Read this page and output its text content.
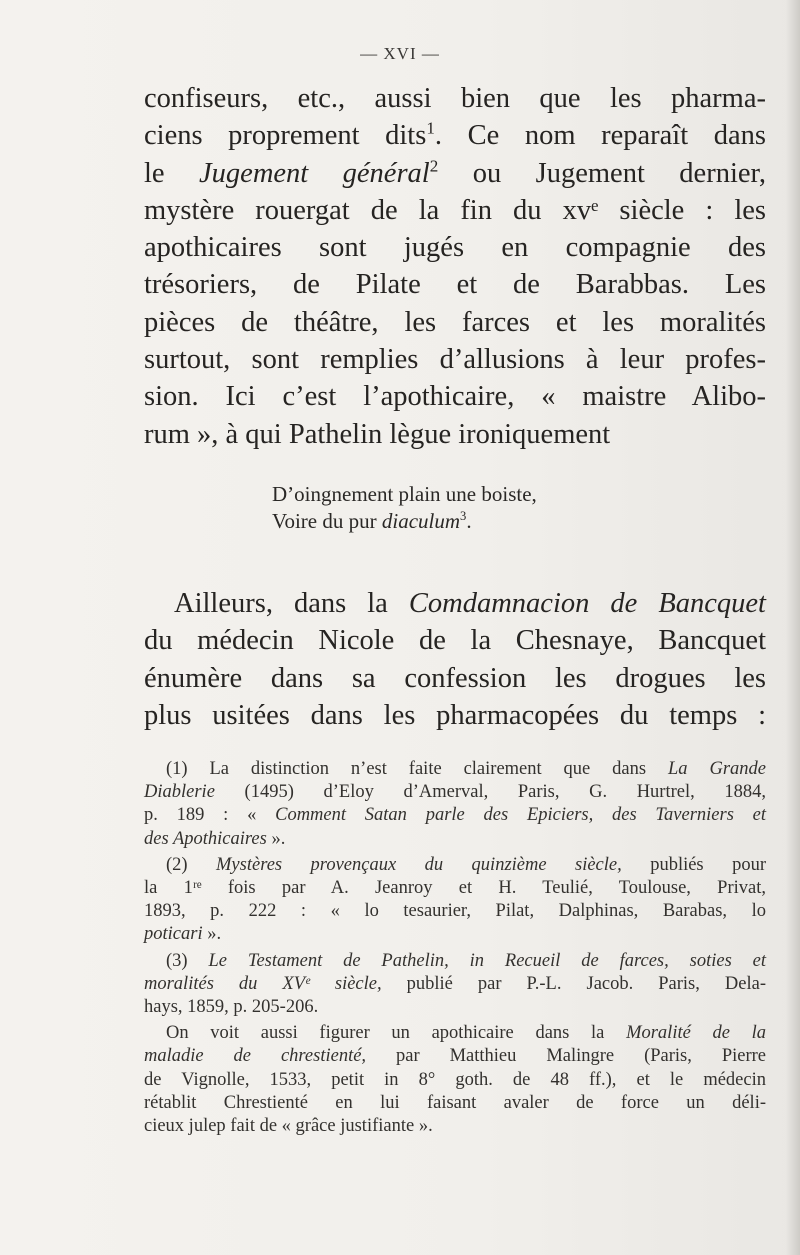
— XVI —
confiseurs, etc., aussi bien que les pharma-
ciens proprement dits$^1$. Ce nom reparaît dans
le Jugement général$^2$ ou Jugement dernier,
mystère rouergat de la fin du xvᵉ siècle : les
apothicaires sont jugés en compagnie des
trésoriers, de Pilate et de Barabbas. Les
pièces de théâtre, les farces et les moralités
surtout, sont remplies d’allusions à leur profes-
sion. Ici c’est l’apothicaire, « maistre Alibo-
rum », à qui Pathelin lègue ironiquement
D’oingnement plain une boiste,
Voire du pur diaculum$^3$.
Ailleurs, dans la Comdamnacion de Bancquet
du médecin Nicole de la Chesnaye, Bancquet
énumère dans sa confession les drogues les
plus usitées dans les pharmacopées du temps :
(1) La distinction n’est faite clairement que dans La Grande
Diablerie (1495) d’Eloy d’Amerval, Paris, G. Hurtrel, 1884,
p. 189 : « Comment Satan parle des Epiciers, des Taverniers et
des Apothicaires ».
(2) Mystères provençaux du quinzième siècle, publiés pour
la 1ʳᵉ fois par A. Jeanroy et H. Teulié, Toulouse, Privat,
1893, p. 222 : « lo tesaurier, Pilat, Dalphinas, Barabas, lo
poticari ».
(3) Le Testament de Pathelin, in Recueil de farces, soties et
moralités du XVᵉ siècle, publié par P.-L. Jacob. Paris, Dela-
hays, 1859, p. 205-206.
On voit aussi figurer un apothicaire dans la Moralité de la
maladie de chrestienté, par Matthieu Malingre (Paris, Pierre
de Vignolle, 1533, petit in 8° goth. de 48 ff.), et le médecin
rétablit Chrestienté en lui faisant avaler de force un déli-
cieux julep fait de « grâce justifiante ».
